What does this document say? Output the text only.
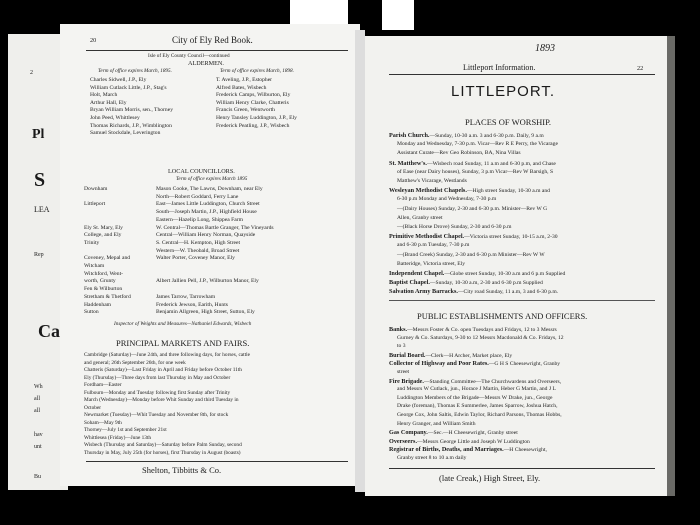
2
Pl
S
LEA
Rep
Ca
Wh
all
all
hav
unt
Bu
20	City of Ely Red Book.
Isle of Ely County Council—continued
ALDERMEN.
Term of office expires March, 1895.	Term of office expires March, 1898.
Charles Sidwell, J.P., Ely
William Cutlack Little, J.P., Stag's
Holt, March
Arthur Hall, Ely
Bryan William Morris, sen., Thorney
John Peed, Whittlesey
Thomas Richards, J.P., Wimblington
Samuel Stockdale, Leverington
T. Aveling, J.P., Estopher
Alfred Bates, Wisbech
Frederick Camps, Wilburton, Ely
William Henry Clarke, Chatteris
Francis Green, Wentworth
Henry Tansley Luddington, J.P., Ely
Frederick Peatling, J.P., Wisbech
LOCAL COUNCILLORS.
Term of office expires March 1895
Downham	Mason Cooke, The Lawns, Downham, near Ely
North—Robert Goddard, Ferry Lane
Littleport	East—James Little Luddington, Church Street
South—Joseph Martin, J.P., Highfield House
Eastern—Hazelip Long, Shippea Farm
Ely St. Mary, Ely	W. Central—Thomas Bartle Granger, The Vineyards
College, and Ely	Central—William Henry Norman, Quayside
Trinity	S. Central—H. Kempton, High Street
Western—W. Theobald, Broad Street
Coveney, Mepal and	Walter Porter, Coveney Manor, Ely
Witcham
Witchford, Went-
worth, Grunty	Albert Jallien Pell, J.P., Wilburton Manor, Ely
Fen & Wilburton
Stretham & Thetford	James Tarrow, Tarrowham
Haddenham	Frederick Jewson, Earith, Hunts
Sutton	Benjamin Allgreen, High Street, Sutton, Ely
Inspector of Weights and Measures—Nathaniel Edwards, Wisbech
PRINCIPAL MARKETS AND FAIRS.
Cambridge (Saturday)—June 24th, and three following days, for horses, cattle
and general; 26th September 26th, for one week
Chatteris (Saturday)—Last Friday in April and Friday before October 11th
Ely (Thursday)—Three days from last Thursday in May and October
Fordham—Easter
Fulbourn—Monday and Tuesday following first Sunday after Trinity
March (Wednesday)—Monday before Whit Sunday and third Tuesday in
October
Newmarket (Tuesday)—Whit Tuesday and November 8th, for stock
Soham—May 9th
Thorney—July 1st and September 21st
Whittlesea (Friday)—June 13th
Wisbech (Thursday and Saturday)—Saturday before Palm Sunday, second
Thursday in May, July 25th (for horses), first Thursday in August (boasts)
Shelton, Tibbitts & Co.
1893
Littleport Information.	22
LITTLEPORT.
PLACES OF WORSHIP.
Parish Church.—Sunday, 10-30 a.m. 3 and 6-30 p.m. Daily, 9 a.m
Monday and Wednesday, 7-30 p.m. Vicar—Rev R E Perry, the Vicarage
Assistant Curate—Rev Geo Robinson, BA, Nina Villas
St. Matthew's.—Wisbech road Sunday, 11 a.m and 6-30 p.m, and Chase
of Ease (near Dairy houses), Sunday, 3 p.m Vicar—Rev W Barsigh, S
Matthew's Vicarage, Westlands
Wesleyan Methodist Chapels.—High street Sunday, 10-30 a.m and
6-30 p.m Monday and Wednesday, 7-30 p.m
—(Dairy Houses) Sunday, 2-30 and 6-30 p.m. Minister—Rev W G
Allen, Granby street
—(Black Horse Drove) Sunday, 2-30 and 6-30 p.m
Primitive Methodist Chapel.—Victoria street Sunday, 10-15 a.m, 2-30
and 6-30 p.m Tuesday, 7-30 p.m
—(Brand Creek) Sunday, 2-30 and 6-30 p.m Minister—Rev W W
Batteridge, Victoria street, Ely
Independent Chapel.—Globe street Sunday, 10-30 a.m and 6 p.m Supplied
Baptist Chapel.—Sunday, 10-30 a.m, 2-30 and 6-30 p.m Supplied
Salvation Army Barracks.—City road Sunday, 11 a.m, 3 and 6-30 p.m.
PUBLIC ESTABLISHMENTS AND OFFICERS.
Banks.—Messrs Foster & Co. open Tuesdays and Fridays, 12 to 3 Messrs
Gurney & Co. Saturdays, 9-30 to 12 Messrs Macdonald & Co. Fridays, 12
to 3
Burial Board.—Clerk—H Archer, Market place, Ely
Collector of Highway and Poor Rates.—G H S Cheesewright, Granby
street
Fire Brigade.—Standing Committee—The Churchwardens and Overseers,
and Messrs W Cutlack, jun., Horace J Martin, Heber G Martin, and J L
Luddington Members of the Brigade—Messrs W Drake, jun., George
Drake (foreman), Thomas E Summerlee, James Sparrow, Joshua Hatch,
George Cox, John Saltis, Edwin Taylor, Richard Parsons, Thomas Hobbs,
Henry Granger, and William Smith
Gas Company.—Sec.—H Cheesewright, Granby street
Overseers.—Messrs George Little and Joseph W Luddington
Registrar of Births, Deaths, and Marriages.—H Cheesewright,
Granby street 8 to 10 a.m daily
(late Creak,) High Street, Ely.
